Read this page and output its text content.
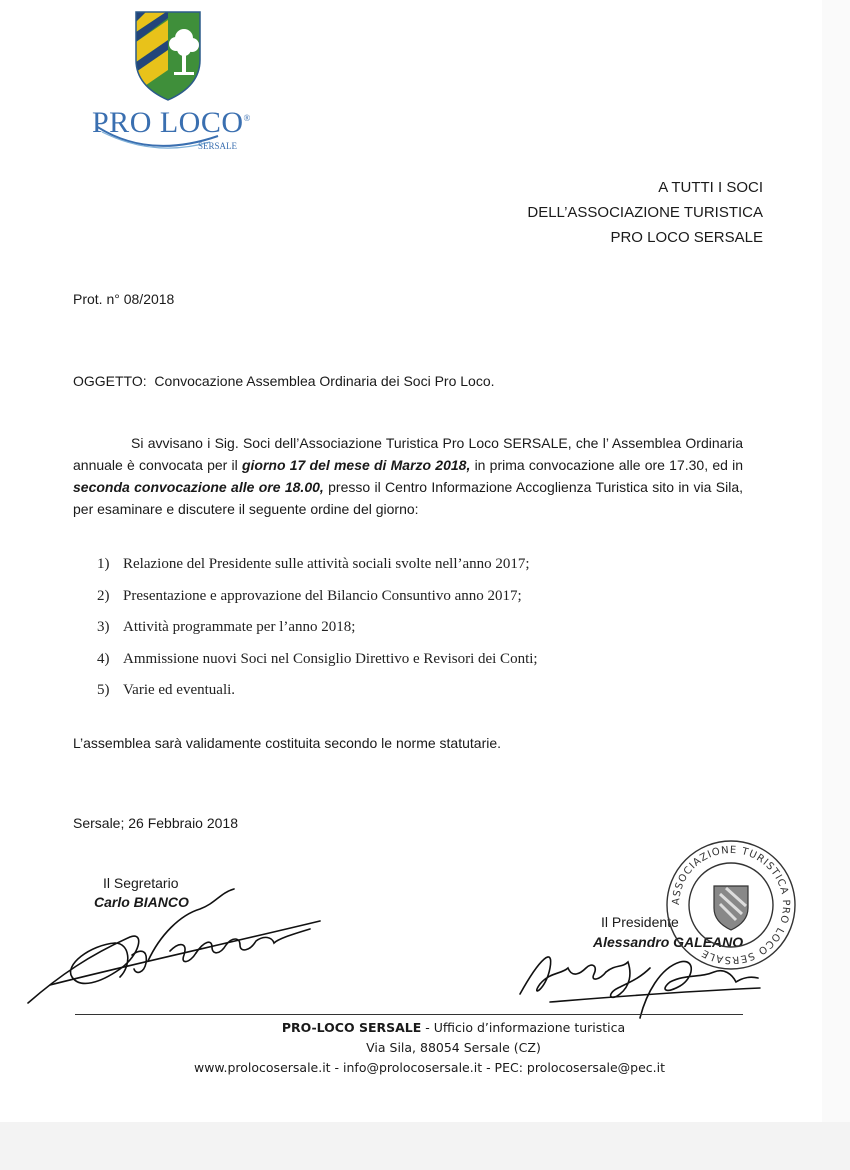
PRO LOCO®
SERSALE
A TUTTI I SOCI
DELL’ASSOCIAZIONE TURISTICA
PRO LOCO SERSALE
Prot. n° 08/2018
OGGETTO: Convocazione Assemblea Ordinaria dei Soci Pro Loco.
Si avvisano i Sig. Soci dell’Associazione Turistica Pro Loco SERSALE, che l’ Assemblea Ordinaria annuale è convocata per il giorno 17 del mese di Marzo 2018, in prima convocazione alle ore 17.30, ed in seconda convocazione alle ore 18.00, presso il Centro Informazione Accoglienza Turistica sito in via Sila, per esaminare e discutere il seguente ordine del giorno:
1) Relazione del Presidente sulle attività sociali svolte nell’anno 2017;
2) Presentazione e approvazione del Bilancio Consuntivo anno 2017;
3) Attività programmate per l’anno 2018;
4) Ammissione nuovi Soci nel Consiglio Direttivo e Revisori dei Conti;
5) Varie ed eventuali.
L’assemblea sarà validamente costituita secondo le norme statutarie.
Sersale; 26 Febbraio 2018
Il Segretario
Carlo BIANCO
Il Presidente
Alessandro GALEANO
ASSOCIAZIONE TURISTICA PRO LOCO SERSALE
PRO-LOCO SERSALE - Ufficio d’informazione turistica
Via Sila, 88054 Sersale (CZ)
www.prolocosersale.it - info@prolocosersale.it - PEC: prolocosersale@pec.it
